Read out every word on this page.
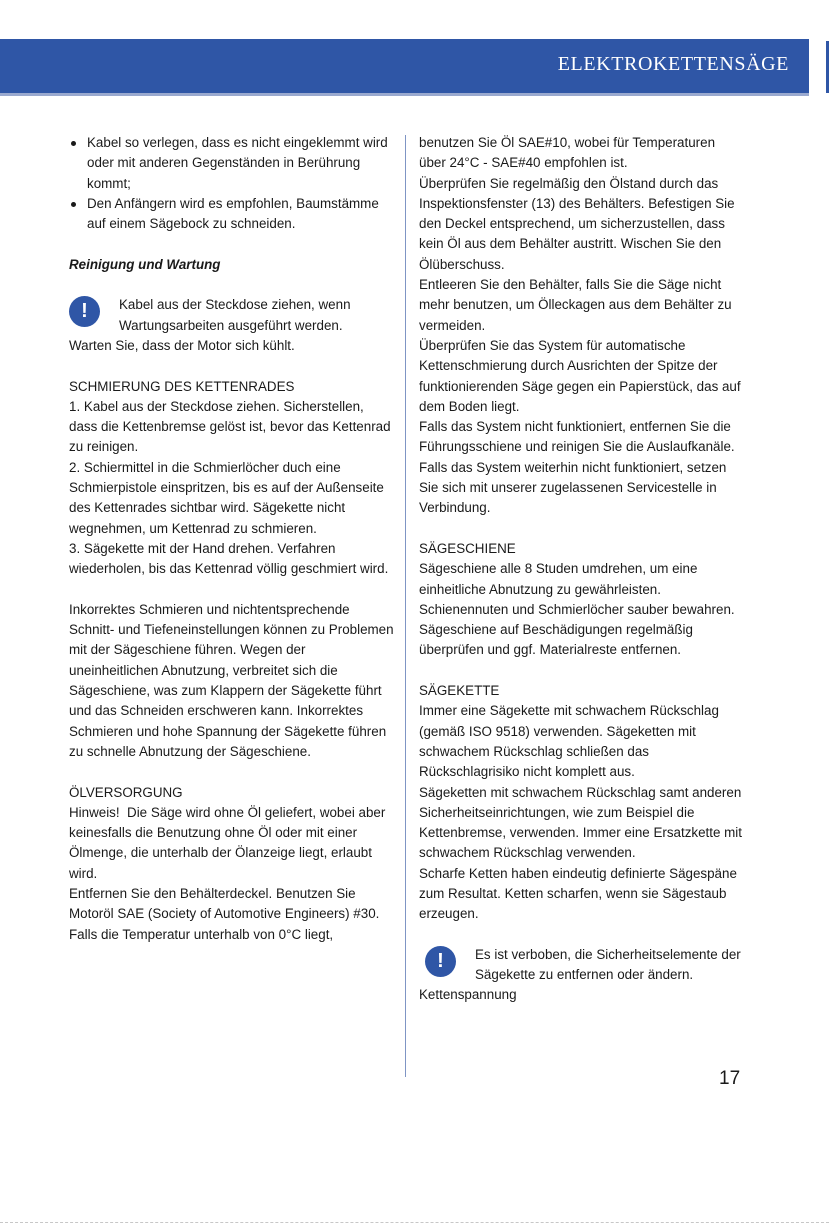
ELEKTROKETTENSÄGE
Kabel so verlegen, dass es nicht eingeklemmt wird oder mit anderen Gegenständen in Berührung kommt;
Den Anfängern wird es empfohlen, Baumstämme auf einem Sägebock zu schneiden.

Reinigung und Wartung

!	Kabel aus der Steckdose ziehen, wenn Wartungsarbeiten ausgeführt werden.

Warten Sie, dass der Motor sich kühlt.

SCHMIERUNG DES KETTENRADES

1. Kabel aus der Steckdose ziehen. Sicherstellen, dass die Kettenbremse gelöst ist, bevor das Kettenrad zu reinigen.

2. Schiermittel in die Schmierlöcher duch eine Schmierpistole einspritzen, bis es auf der Außenseite des Kettenrades sichtbar wird. Sägekette nicht wegnehmen, um Kettenrad zu schmieren.

3. Sägekette mit der Hand drehen. Verfahren wiederholen, bis das Kettenrad völlig geschmiert wird.

Inkorrektes Schmieren und nichtentsprechende Schnitt- und Tiefeneinstellungen können zu Problemen mit der Sägeschiene führen. Wegen der uneinheitlichen Abnutzung, verbreitet sich die Sägeschiene, was zum Klappern der Sägekette führt und das Schneiden erschweren kann. Inkorrektes Schmieren und hohe Spannung der Sägekette führen zu schnelle Abnutzung der Sägeschiene.

ÖLVERSORGUNG

Hinweis!  Die Säge wird ohne Öl geliefert, wobei aber keinesfalls die Benutzung ohne Öl oder mit einer Ölmenge, die unterhalb der Ölanzeige liegt, erlaubt wird.

Entfernen Sie den Behälterdeckel. Benutzen Sie Motoröl SAE (Society of Automotive Engineers) #30. Falls die Temperatur unterhalb von 0°C liegt,

benutzen Sie Öl SAE#10, wobei für Temperaturen über 24°C - SAE#40 empfohlen ist.

Überprüfen Sie regelmäßig den Ölstand durch das Inspektionsfenster (13) des Behälters. Befestigen Sie den Deckel entsprechend, um sicherzustellen, dass kein Öl aus dem Behälter austritt. Wischen Sie den Ölüberschuss.

Entleeren Sie den Behälter, falls Sie die Säge nicht mehr benutzen, um Ölleckagen aus dem Behälter zu vermeiden.

Überprüfen Sie das System für automatische Kettenschmierung durch Ausrichten der Spitze der funktionierenden Säge gegen ein Papierstück, das auf dem Boden liegt.

Falls das System nicht funktioniert, entfernen Sie die Führungsschiene und reinigen Sie die Auslaufkanäle. Falls das System weiterhin nicht funktioniert, setzen Sie sich mit unserer zugelassenen Servicestelle in Verbindung.

SÄGESCHIENE

Sägeschiene alle 8 Studen umdrehen, um eine einheitliche Abnutzung zu gewährleisten. Schienennuten und Schmierlöcher sauber bewahren.

Sägeschiene auf Beschädigungen regelmäßig überprüfen und ggf. Materialreste entfernen.

SÄGEKETTE

Immer eine Sägekette mit schwachem Rückschlag (gemäß ISO 9518) verwenden. Sägeketten mit schwachem Rückschlag schließen das Rückschlagrisiko nicht komplett aus.

Sägeketten mit schwachem Rückschlag samt anderen Sicherheitseinrichtungen, wie zum Beispiel die Kettenbremse, verwenden. Immer eine Ersatzkette mit schwachem Rückschlag verwenden.

Scharfe Ketten haben eindeutig definierte Sägespäne zum Resultat. Ketten scharfen, wenn sie Sägestaub erzeugen.

!	Es ist verboben, die Sicherheitselemente der Sägekette zu entfernen oder ändern.

Kettenspannung

17
